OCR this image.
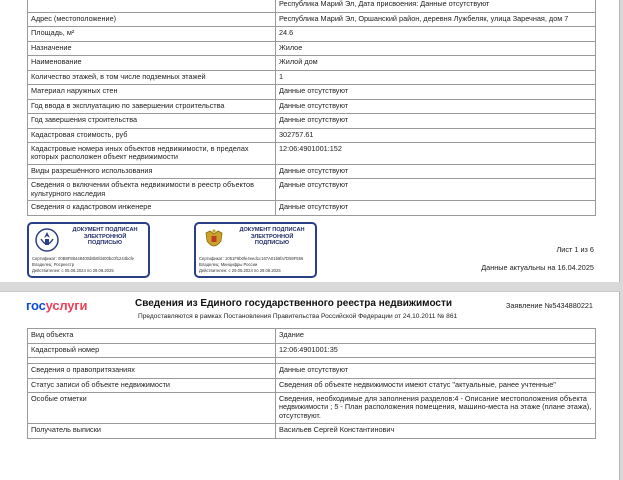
	Республика Марий Эл, Дата присвоения: Данные отсутствуют
Адрес (местоположение)	Республика Марий Эл, Оршанский район, деревня Лужбеляк, улица Заречная, дом 7
Площадь, м²	24.6
Назначение	Жилое
Наименование	Жилой дом
Количество этажей, в том числе подземных этажей	1
Материал наружных стен	Данные отсутствуют
Год ввода в эксплуатацию по завершении строительства	Данные отсутствуют
Год завершения строительства	Данные отсутствуют
Кадастровая стоимость, руб	302757.61
Кадастровые номера иных объектов недвижимости, в пределах которых расположен объект недвижимости	12:06:4901001:152
Виды разрешённого использования	Данные отсутствуют
Сведения о включении объекта недвижимости в реестр объектов культурного наследия	Данные отсутствуют
Сведения о кадастровом инженере	Данные отсутствуют
ДОКУМЕНТ ПОДПИСАН
ЭЛЕКТРОННОЙ
ПОДПИСЬЮ
Сертификат: 00B8F88448400d8b0fd400bc0f1244bcfe
Владелец: Росреестр
Действителен: с 05.06.2024 по 29.08.2025
ДОКУМЕНТ ПОДПИСАН
ЭЛЕКТРОННОЙ
ПОДПИСЬЮ
Сертификат: 1051F9b0fe4eed1c167A01b6fa7D59F556
Владелец: Минцифры России
Действителен: с 29.05.2024 по 29.08.2025
Лист 1 из 6
Данные актуальны на 16.04.2025
госуслуги	Сведения из Единого государственного реестра недвижимости
Предоставляются в рамках Постановления Правительства Российской Федерации от 24.10.2011 № 861
Заявление №5434880221
Вид объекта	Здание
Кадастровый номер	12:06:4901001:35

Сведения о правопритязаниях	Данные отсутствуют
Статус записи об объекте недвижимости	Сведения об объекте недвижимости имеют статус "актуальные, ранее учтенные"
Особые отметки	Сведения, необходимые для заполнения разделов:4 - Описание местоположения объекта недвижимости ; 5 - План расположения помещения, машино-места на этаже (плане этажа), отсутствуют.
Получатель выписки	Васильев Сергей Константинович
